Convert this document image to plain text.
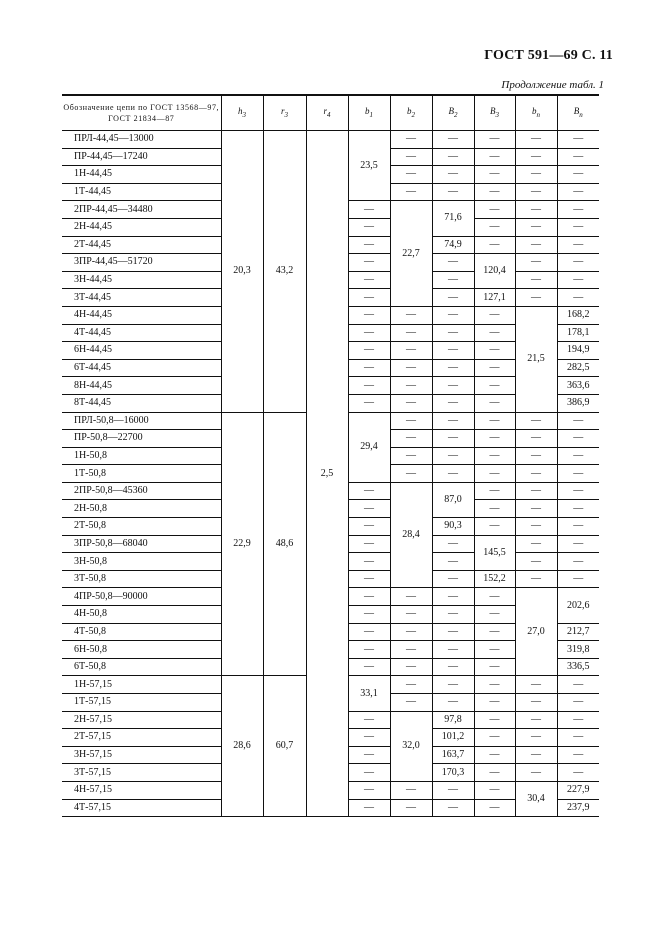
ГОСТ 591—69 С. 11
Продолжение табл. 1
Обозначение цепи по ГОСТ 13568—97, ГОСТ 21834—87	$h_3$	$r_3$	$r_4$	$b_1$	$b_2$	$B_2$	$B_3$	$b_п$	$B_п$
ПРЛ-44,45—13000	20,3	43,2	2,5	23,5	—	—	—	—	—
ПР-44,45—17240					—	—	—	—	—
1Н-44,45					—	—	—	—	—
1Т-44,45					—	—	—	—	—
2ПР-44,45—34480				—	22,7	71,6	—	—	—
2Н-44,45				—			—	—	—
2Т-44,45				—		74,9	—	—	—
3ПР-44,45—51720				—		—	120,4	—	—
3Н-44,45				—		—		—	—
3Т-44,45				—		—	127,1	—	—
4Н-44,45				—	—	—	—	21,5	168,2
4Т-44,45				—	—	—	—		178,1
6Н-44,45				—	—	—	—		194,9
6Т-44,45				—	—	—	—		282,5
8Н-44,45				—	—	—	—		363,6
8Т-44,45				—	—	—	—		386,9
ПРЛ-50,8—16000	22,9	48,6		29,4	—	—	—	—	—
ПР-50,8—22700					—	—	—	—	—
1Н-50,8					—	—	—	—	—
1Т-50,8					—	—	—	—	—
2ПР-50,8—45360				—	28,4	87,0	—	—	—
2Н-50,8				—			—	—	—
2Т-50,8				—		90,3	—	—	—
3ПР-50,8—68040				—		—	145,5	—	—
3Н-50,8				—		—		—	—
3Т-50,8				—		—	152,2	—	—
4ПР-50,8—90000				—	—	—	—	27,0	202,6
4Н-50,8				—	—	—	—		
4Т-50,8				—	—	—	—		212,7
6Н-50,8				—	—	—	—		319,8
6Т-50,8				—	—	—	—		336,5
1Н-57,15	28,6	60,7		33,1	—	—	—	—	—
1Т-57,15					—	—	—	—	—
2Н-57,15				—	32,0	97,8	—	—	—
2Т-57,15				—		101,2	—	—	—
3Н-57,15				—		163,7	—	—	—
3Т-57,15				—		170,3	—	—	—
4Н-57,15				—	—	—	—	30,4	227,9
4Т-57,15				—	—	—	—		237,9
